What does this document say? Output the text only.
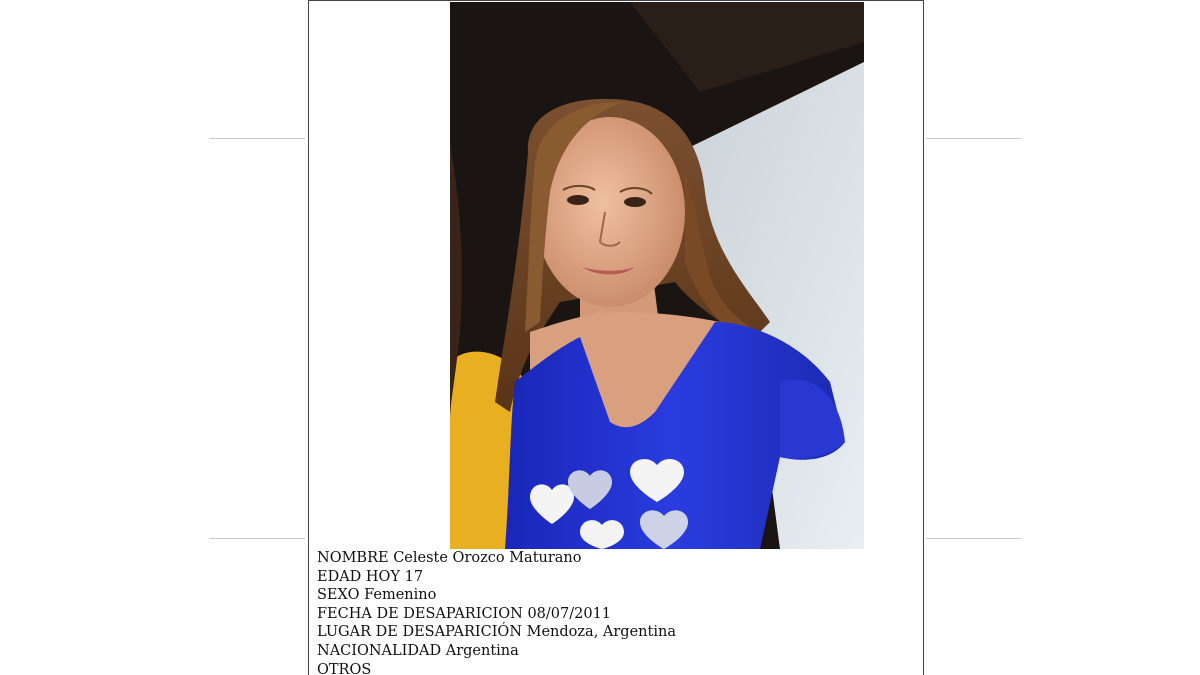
NOMBRE Celeste Orozco Maturano
EDAD HOY 17
SEXO Femenino
FECHA DE DESAPARICION 08/07/2011
LUGAR DE DESAPARICIÓN Mendoza, Argentina
NACIONALIDAD Argentina
OTROS
